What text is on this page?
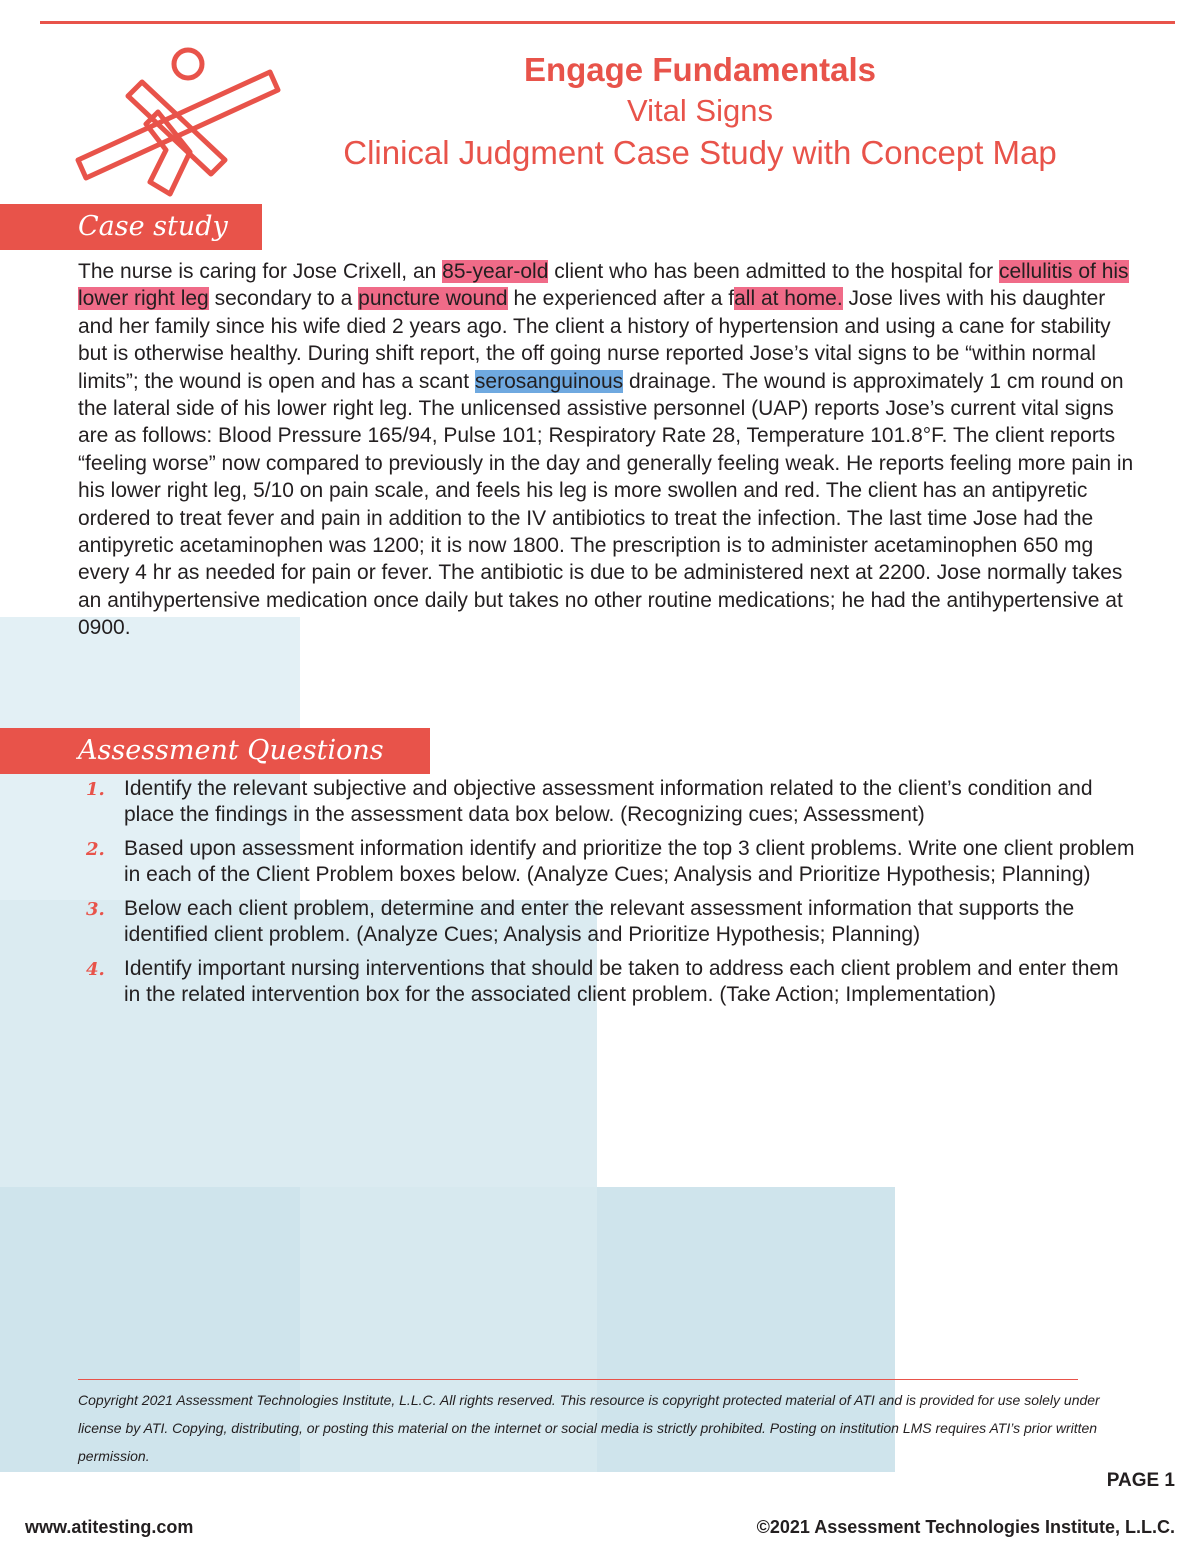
Engage Fundamentals
Vital Signs
Clinical Judgment Case Study with Concept Map
Case study

The nurse is caring for Jose Crixell, an 85-year-old client who has been admitted to the hospital for cellulitis of his lower right leg secondary to a puncture wound he experienced after a fall at home. Jose lives with his daughter and her family since his wife died 2 years ago. The client a history of hypertension and using a cane for stability but is otherwise healthy. During shift report, the off going nurse reported Jose’s vital signs to be “within normal limits”; the wound is open and has a scant serosanguinous drainage. The wound is approximately 1 cm round on the lateral side of his lower right leg. The unlicensed assistive personnel (UAP) reports Jose’s current vital signs are as follows: Blood Pressure 165/94, Pulse 101; Respiratory Rate 28, Temperature 101.8°F. The client reports “feeling worse” now compared to previously in the day and generally feeling weak. He reports feeling more pain in his lower right leg, 5/10 on pain scale, and feels his leg is more swollen and red. The client has an antipyretic ordered to treat fever and pain in addition to the IV antibiotics to treat the infection. The last time Jose had the antipyretic acetaminophen was 1200; it is now 1800. The prescription is to administer acetaminophen 650 mg every 4 hr as needed for pain or fever. The antibiotic is due to be administered next at 2200. Jose normally takes an antihypertensive medication once daily but takes no other routine medications; he had the antihypertensive at 0900.

Assessment Questions
1. Identify the relevant subjective and objective assessment information related to the client’s condition and place the findings in the assessment data box below. (Recognizing cues; Assessment)
2. Based upon assessment information identify and prioritize the top 3 client problems. Write one client problem in each of the Client Problem boxes below. (Analyze Cues; Analysis and Prioritize Hypothesis; Planning)
3. Below each client problem, determine and enter the relevant assessment information that supports the identified client problem. (Analyze Cues; Analysis and Prioritize Hypothesis; Planning)
4. Identify important nursing interventions that should be taken to address each client problem and enter them in the related intervention box for the associated client problem. (Take Action; Implementation)

Copyright 2021 Assessment Technologies Institute, L.L.C. All rights reserved. This resource is copyright protected material of ATI and is provided for use solely under license by ATI. Copying, distributing, or posting this material on the internet or social media is strictly prohibited. Posting on institution LMS requires ATI’s prior written permission.

PAGE 1
www.atitesting.com	©2021 Assessment Technologies Institute, L.L.C.
